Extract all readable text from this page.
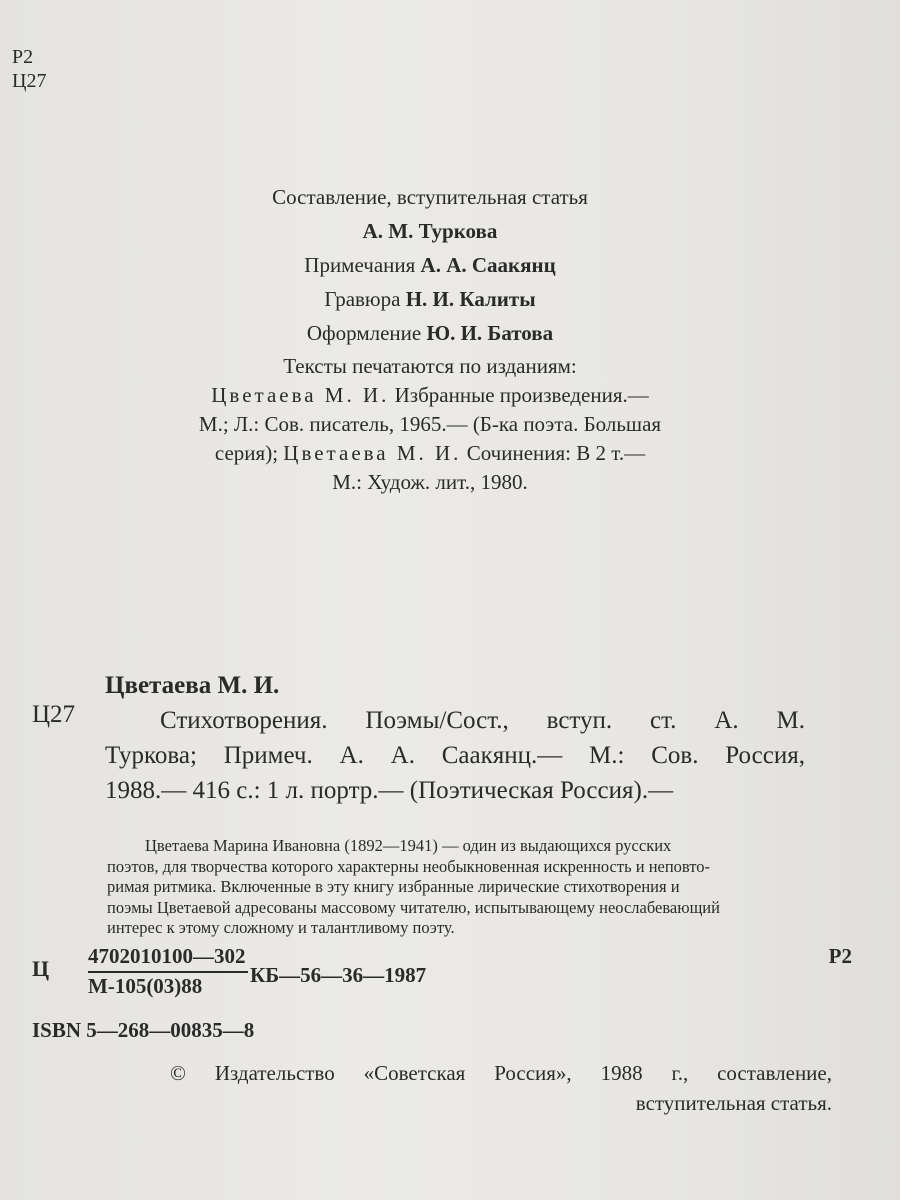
Р2
Ц27
Составление, вступительная статья
А. М. Туркова
Примечания А. А. Саакянц
Гравюра Н. И. Калиты
Оформление Ю. И. Батова
Тексты печатаются по изданиям:
Цветаева М. И. Избранные произведения.—
М.; Л.: Сов. писатель, 1965.— (Б-ка поэта. Большая
серия); Цветаева М. И. Сочинения: В 2 т.—
М.: Худож. лит., 1980.
Ц27
Цветаева М. И.
Стихотворения. Поэмы/Сост., вступ. ст. А. М.
Туркова; Примеч. А. А. Саакянц.— М.: Сов. Россия,
1988.— 416 с.: 1 л. портр.— (Поэтическая Россия).—
Цветаева Марина Ивановна (1892—1941) — один из выдающихся русских
поэтов, для творчества которого характерны необыкновенная искренность и неповто-
римая ритмика. Включенные в эту книгу избранные лирические стихотворения и
поэмы Цветаевой адресованы массовому читателю, испытывающему неослабевающий
интерес к этому сложному и талантливому поэту.
Ц 4702010100—302
М-105(03)88 КБ—56—36—1987
Р2
ISBN 5—268—00835—8
© Издательство «Советская Россия», 1988 г., составление,
вступительная статья.
